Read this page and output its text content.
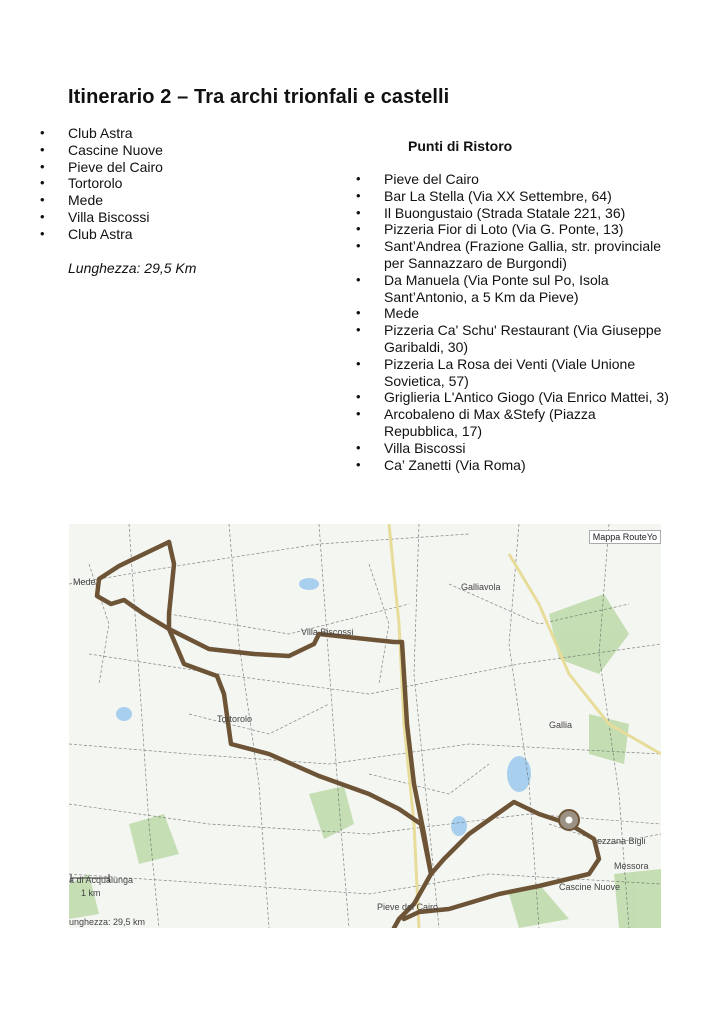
Itinerario 2 – Tra archi trionfali e castelli
• Club Astra
• Cascine Nuove
• Pieve del Cairo
• Tortorolo
• Mede
• Villa Biscossi
• Club Astra

Lunghezza: 29,5 Km

Punti di Ristoro
• Pieve del Cairo
• Bar La Stella (Via XX Settembre, 64)
• Il Buongustaio (Strada Statale 221, 36)
• Pizzeria Fior di Loto (Via G. Ponte, 13)
• Sant’Andrea (Frazione Gallia, str. provinciale per Sannazzaro de Burgondi)
• Da Manuela (Via Ponte sul Po, Isola Sant’Antonio, a 5 Km da Pieve)
• Mede
• Pizzeria Ca' Schu' Restaurant (Via Giuseppe Garibaldi, 30)
• Pizzeria La Rosa dei Venti (Viale Unione Sovietica, 57)
• Griglieria L'Antico Giogo (Via Enrico Mattei, 3)
• Arcobaleno di Max &Stefy (Piazza Repubblica, 17)
• Villa Biscossi
• Ca’ Zanetti (Via Roma)
Mappa RouteYo
Mede
Villa Biscossi
Galliavola
Gallia
Tortorolo
Pieve del Cairo
Cascine Nuove
Messora
ezzana Bigli
a di Acqualunga
1 km
unghezza: 29,5 km
